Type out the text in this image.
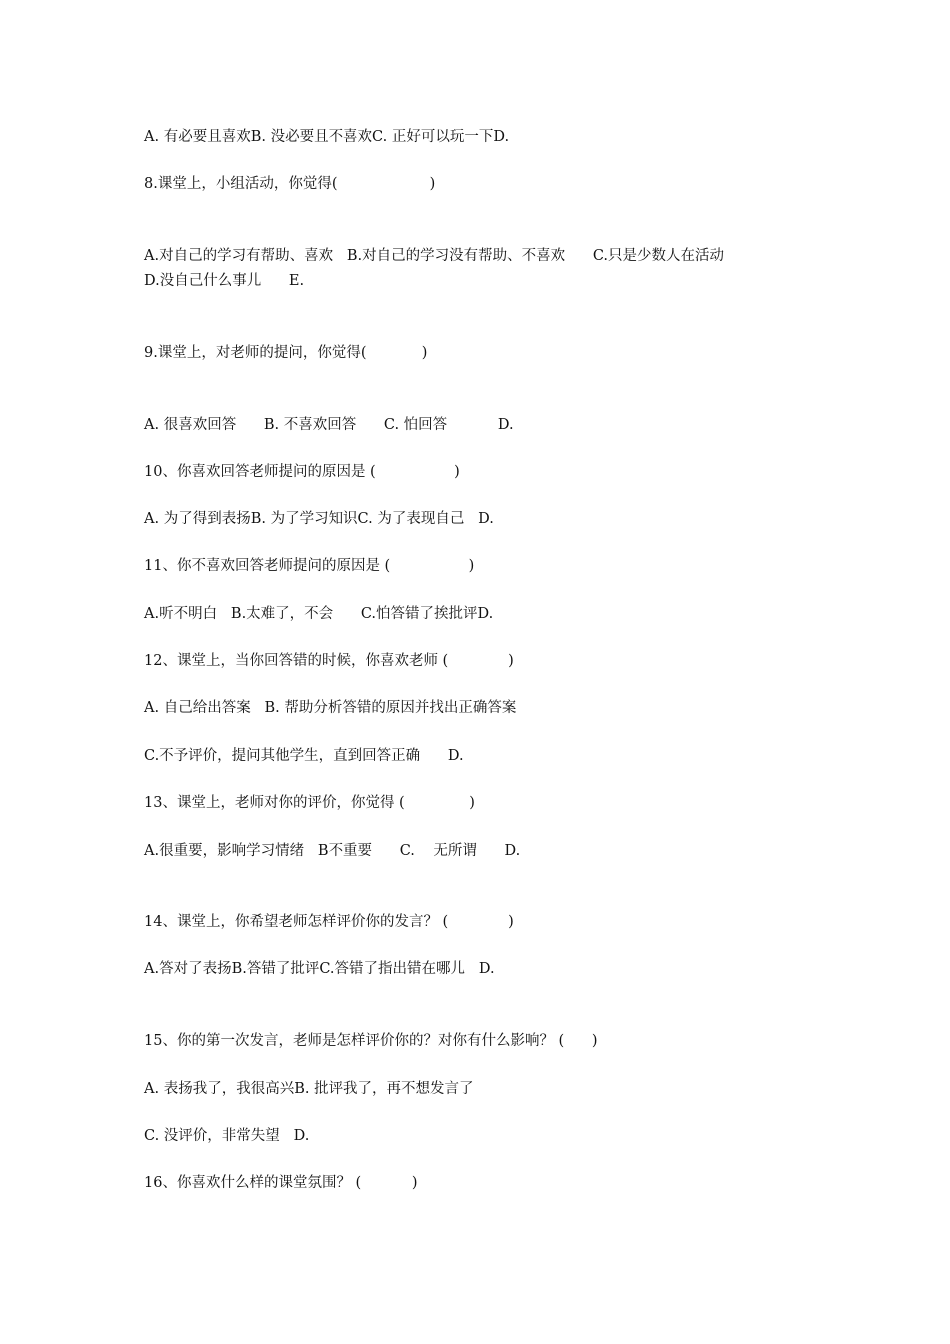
A. 有必要且喜欢B. 没必要且不喜欢C. 正好可以玩一下D.

8.课堂上，小组活动，你觉得(                    )

A.对自己的学习有帮助、喜欢   B.对自己的学习没有帮助、不喜欢      C.只是少数人在活动

D.没自己什么事儿      E.

9.课堂上，对老师的提问，你觉得(            )

A. 很喜欢回答      B. 不喜欢回答      C. 怕回答           D.

10、你喜欢回答老师提问的原因是 (                 )

A. 为了得到表扬B. 为了学习知识C. 为了表现自己   D.

11、你不喜欢回答老师提问的原因是 (                 )

A.听不明白   B.太难了，不会      C.怕答错了挨批评D.

12、课堂上，当你回答错的时候，你喜欢老师 (             )

A. 自己给出答案   B. 帮助分析答错的原因并找出正确答案

C.不予评价，提问其他学生，直到回答正确      D.

13、课堂上，老师对你的评价，你觉得 (              )

A.很重要，影响学习情绪   B不重要      C.    无所谓      D.

14、课堂上，你希望老师怎样评价你的发言？ (             )

A.答对了表扬B.答错了批评C.答错了指出错在哪儿   D.

15、你的第一次发言，老师是怎样评价你的？对你有什么影响？ (      )

A. 表扬我了，我很高兴B. 批评我了，再不想发言了

C. 没评价，非常失望   D.

16、你喜欢什么样的课堂氛围？ (           )
